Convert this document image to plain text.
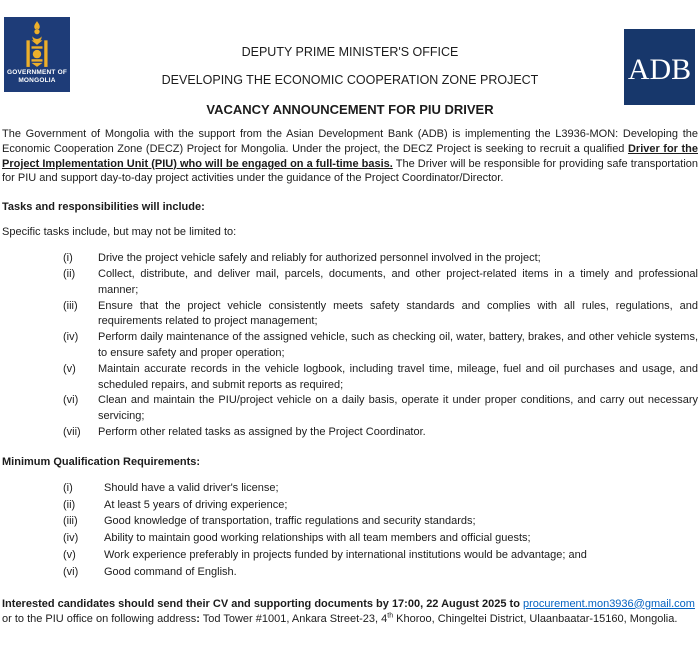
GOVERNMENT OF
MONGOLIA	ADB
DEPUTY PRIME MINISTER'S OFFICE
DEVELOPING THE ECONOMIC COOPERATION ZONE PROJECT
VACANCY ANNOUNCEMENT FOR PIU DRIVER

The Government of Mongolia with the support from the Asian Development Bank (ADB) is implementing the L3936-MON: Developing the Economic Cooperation Zone (DECZ) Project for Mongolia. Under the project, the DECZ Project is seeking to recruit a qualified Driver for the Project Implementation Unit (PIU) who will be engaged on a full-time basis. The Driver will be responsible for providing safe transportation for PIU and support day-to-day project activities under the guidance of the Project Coordinator/Director.

Tasks and responsibilities will include:
Specific tasks include, but may not be limited to:
(i)	Drive the project vehicle safely and reliably for authorized personnel involved in the project;
(ii)	Collect, distribute, and deliver mail, parcels, documents, and other project-related items in a timely and professional manner;
(iii)	Ensure that the project vehicle consistently meets safety standards and complies with all rules, regulations, and requirements related to project management;
(iv)	Perform daily maintenance of the assigned vehicle, such as checking oil, water, battery, brakes, and other vehicle systems, to ensure safety and proper operation;
(v)	Maintain accurate records in the vehicle logbook, including travel time, mileage, fuel and oil purchases and usage, and scheduled repairs, and submit reports as required;
(vi)	Clean and maintain the PIU/project vehicle on a daily basis, operate it under proper conditions, and carry out necessary servicing;
(vii)	Perform other related tasks as assigned by the Project Coordinator.
Minimum Qualification Requirements:
(i)	Should have a valid driver's license;
(ii)	At least 5 years of driving experience;
(iii)	Good knowledge of transportation, traffic regulations and security standards;
(iv)	Ability to maintain good working relationships with all team members and official guests;
(v)	Work experience preferably in projects funded by international institutions would be advantage; and
(vi)	Good command of English.

Interested candidates should send their CV and supporting documents by 17:00, 22 August 2025 to procurement.mon3936@gmail.com or to the PIU office on following address: Tod Tower #1001, Ankara Street-23, 4th Khoroo, Chingeltei District, Ulaanbaatar-15160, Mongolia.
